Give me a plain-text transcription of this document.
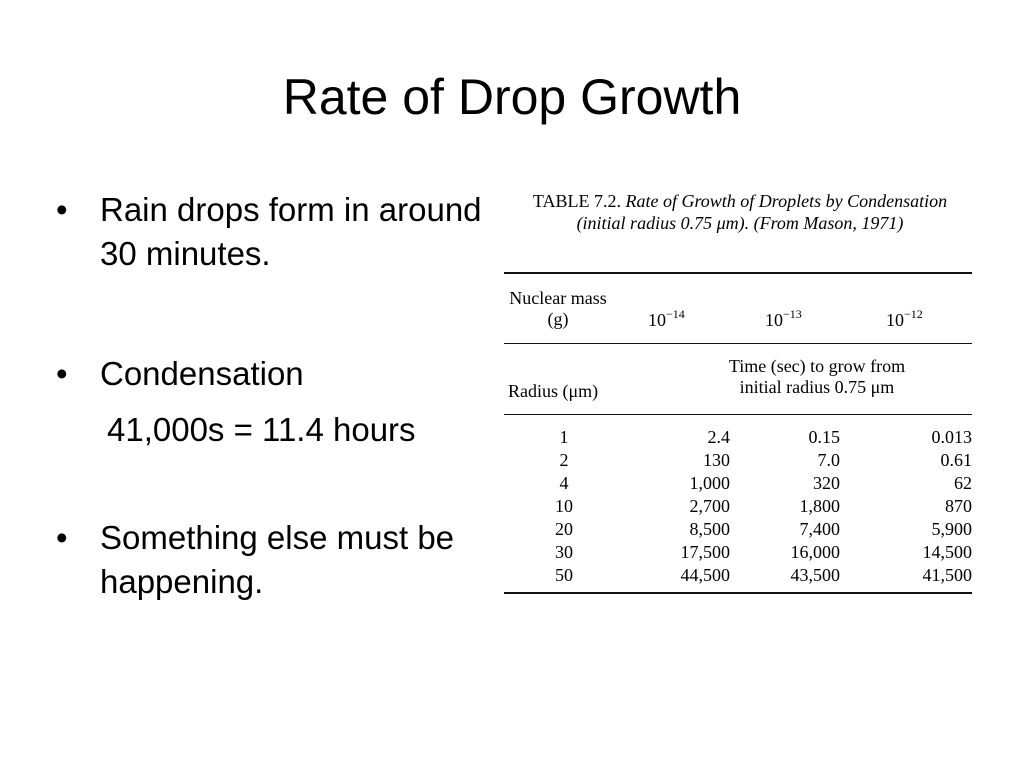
Rate of Drop Growth
• Rain drops form in around 30 minutes.
• Condensation
41,000s = 11.4 hours
• Something else must be happening.
TABLE 7.2. Rate of Growth of Droplets by Condensation (initial radius 0.75 μm). (From Mason, 1971)
Nuclear mass (g)	$10^{-14}$	$10^{-13}$	$10^{-12}$
Time (sec) to grow from initial radius 0.75 μm
Radius (μm)
1	2.4	0.15	0.013
2	130	7.0	0.61
4	1,000	320	62
10	2,700	1,800	870
20	8,500	7,400	5,900
30	17,500	16,000	14,500
50	44,500	43,500	41,500
